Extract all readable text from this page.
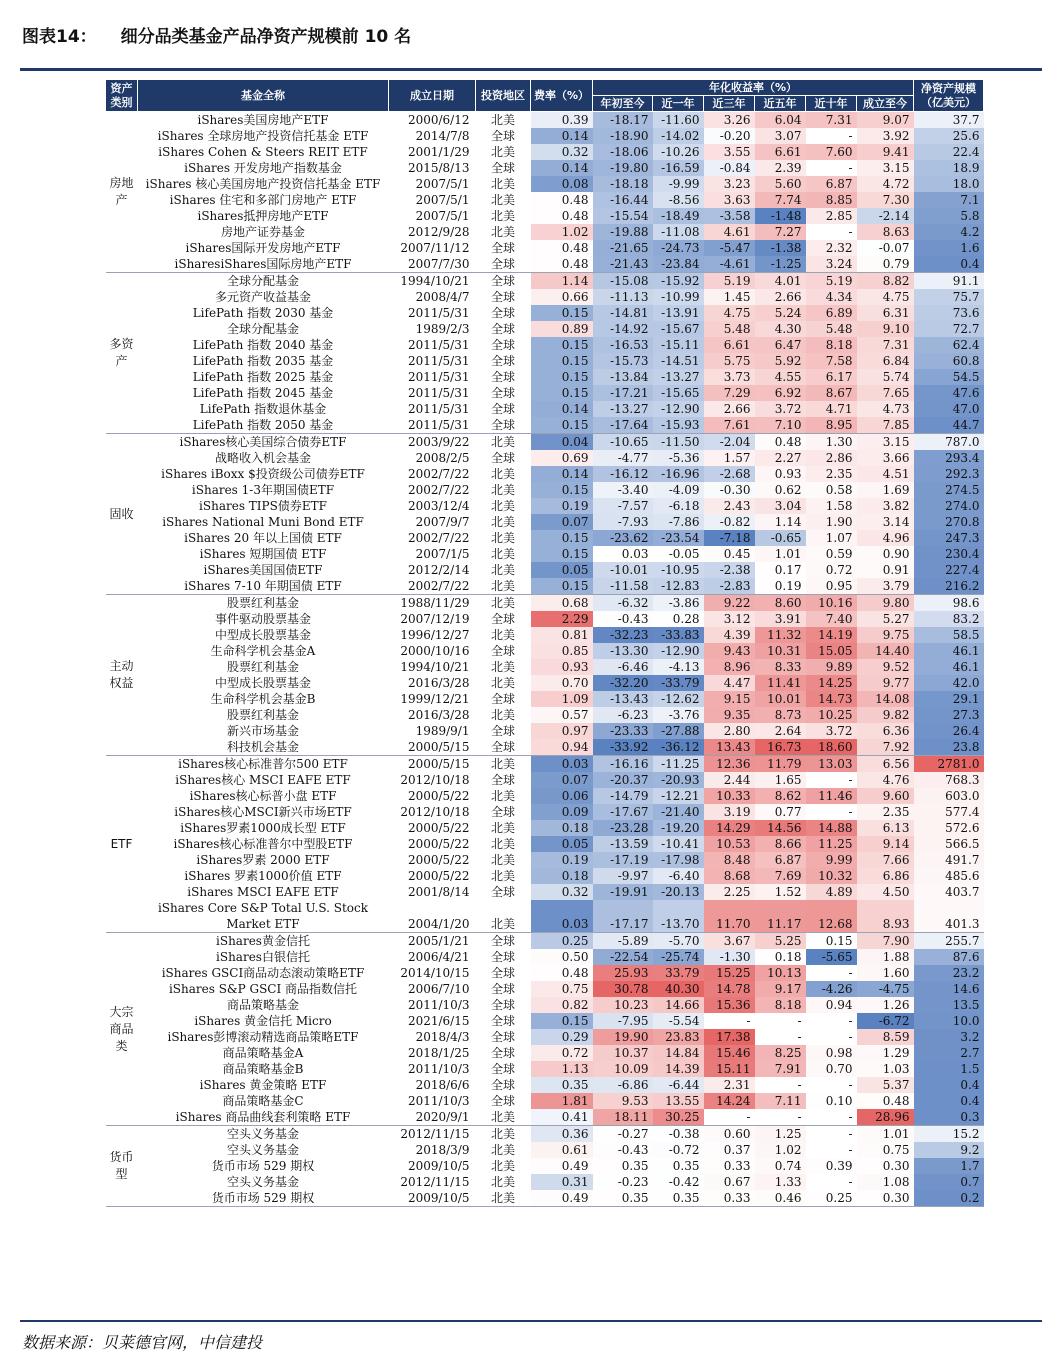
图表14： 细分品类基金产品净资产规模前 10 名
资产类别	基金全称	成立日期	投资地区	费率（%）	年化收益率（%）						净资产规模（亿美元）
					年初至今	近一年	近三年	近五年	近十年	成立至今	
房地产	iShares美国房地产ETF	2000/6/12	北美	0.39	-18.17	-11.60	3.26	6.04	7.31	9.07	37.7
	iShares 全球房地产投资信托基金 ETF	2014/7/8	全球	0.14	-18.90	-14.02	-0.20	3.07	-	3.92	25.6
	iShares Cohen & Steers REIT ETF	2001/1/29	北美	0.32	-18.06	-10.26	3.55	6.61	7.60	9.41	22.4
	iShares 开发房地产指数基金	2015/8/13	全球	0.14	-19.80	-16.59	-0.84	2.39	-	3.15	18.9
	iShares 核心美国房地产投资信托基金 ETF	2007/5/1	北美	0.08	-18.18	-9.99	3.23	5.60	6.87	4.72	18.0
	iShares 住宅和多部门房地产 ETF	2007/5/1	北美	0.48	-16.44	-8.56	3.63	7.74	8.85	7.30	7.1
	iShares抵押房地产ETF	2007/5/1	北美	0.48	-15.54	-18.49	-3.58	-1.48	2.85	-2.14	5.8
	房地产证券基金	2012/9/28	北美	1.02	-19.88	-11.08	4.61	7.27	-	8.63	4.2
	iShares国际开发房地产ETF	2007/11/12	全球	0.48	-21.65	-24.73	-5.47	-1.38	2.32	-0.07	1.6
	iSharesiShares国际房地产ETF	2007/7/30	全球	0.48	-21.43	-23.84	-4.61	-1.25	3.24	0.79	0.4
多资产	全球分配基金	1994/10/21	全球	1.14	-15.08	-15.92	5.19	4.01	5.19	8.82	91.1
	多元资产收益基金	2008/4/7	全球	0.66	-11.13	-10.99	1.45	2.66	4.34	4.75	75.7
	LifePath 指数 2030 基金	2011/5/31	全球	0.15	-14.81	-13.91	4.75	5.24	6.89	6.31	73.6
	全球分配基金	1989/2/3	全球	0.89	-14.92	-15.67	5.48	4.30	5.48	9.10	72.7
	LifePath 指数 2040 基金	2011/5/31	全球	0.15	-16.53	-15.11	6.61	6.47	8.18	7.31	62.4
	LifePath 指数 2035 基金	2011/5/31	全球	0.15	-15.73	-14.51	5.75	5.92	7.58	6.84	60.8
	LifePath 指数 2025 基金	2011/5/31	全球	0.15	-13.84	-13.27	3.73	4.55	6.17	5.74	54.5
	LifePath 指数 2045 基金	2011/5/31	全球	0.15	-17.21	-15.65	7.29	6.92	8.67	7.65	47.6
	LifePath 指数退休基金	2011/5/31	全球	0.14	-13.27	-12.90	2.66	3.72	4.71	4.73	47.0
	LifePath 指数 2050 基金	2011/5/31	全球	0.15	-17.64	-15.93	7.61	7.10	8.95	7.85	44.7
固收	iShares核心美国综合债券ETF	2003/9/22	北美	0.04	-10.65	-11.50	-2.04	0.48	1.30	3.15	787.0
	战略收入机会基金	2008/2/5	全球	0.69	-4.77	-5.36	1.57	2.27	2.86	3.66	293.4
	iShares iBoxx $投资级公司债券ETF	2002/7/22	北美	0.14	-16.12	-16.96	-2.68	0.93	2.35	4.51	292.3
	iShares 1-3年期国债ETF	2002/7/22	北美	0.15	-3.40	-4.09	-0.30	0.62	0.58	1.69	274.5
	iShares TIPS债券ETF	2003/12/4	北美	0.19	-7.57	-6.18	2.43	3.04	1.58	3.82	274.0
	iShares National Muni Bond ETF	2007/9/7	北美	0.07	-7.93	-7.86	-0.82	1.14	1.90	3.14	270.8
	iShares 20 年以上国债 ETF	2002/7/22	北美	0.15	-23.62	-23.54	-7.18	-0.65	1.07	4.96	247.3
	iShares 短期国债 ETF	2007/1/5	北美	0.15	0.03	-0.05	0.45	1.01	0.59	0.90	230.4
	iShares美国国债ETF	2012/2/14	北美	0.05	-10.01	-10.95	-2.38	0.17	0.72	0.91	227.4
	iShares 7-10 年期国债 ETF	2002/7/22	北美	0.15	-11.58	-12.83	-2.83	0.19	0.95	3.79	216.2
主动权益	股票红利基金	1988/11/29	北美	0.68	-6.32	-3.86	9.22	8.60	10.16	9.80	98.6
	事件驱动股票基金	2007/12/19	全球	2.29	-0.43	0.28	3.12	3.91	7.40	5.27	83.2
	中型成长股票基金	1996/12/27	北美	0.81	-32.23	-33.83	4.39	11.32	14.19	9.75	58.5
	生命科学机会基金A	2000/10/16	全球	0.85	-13.30	-12.90	9.43	10.31	15.05	14.40	46.1
	股票红利基金	1994/10/21	北美	0.93	-6.46	-4.13	8.96	8.33	9.89	9.52	46.1
	中型成长股票基金	2016/3/28	北美	0.70	-32.20	-33.79	4.47	11.41	14.25	9.77	42.0
	生命科学机会基金B	1999/12/21	全球	1.09	-13.43	-12.62	9.15	10.01	14.73	14.08	29.1
	股票红利基金	2016/3/28	北美	0.57	-6.23	-3.76	9.35	8.73	10.25	9.82	27.3
	新兴市场基金	1989/9/1	全球	0.97	-23.33	-27.88	2.80	2.64	3.72	6.36	26.4
	科技机会基金	2000/5/15	全球	0.94	-33.92	-36.12	13.43	16.73	18.60	7.92	23.8
ETF	iShares核心标准普尔500 ETF	2000/5/15	北美	0.03	-16.16	-11.25	12.36	11.79	13.03	6.56	2781.0
	iShares核心 MSCI EAFE ETF	2012/10/18	全球	0.07	-20.37	-20.93	2.44	1.65	-	4.76	768.3
	iShares核心标普小盘 ETF	2000/5/22	北美	0.06	-14.79	-12.21	10.33	8.62	11.46	9.60	603.0
	iShares核心MSCI新兴市场ETF	2012/10/18	全球	0.09	-17.67	-21.40	3.19	0.77	-	2.35	577.4
	iShares罗素1000成长型 ETF	2000/5/22	北美	0.18	-23.28	-19.20	14.29	14.56	14.88	6.13	572.6
	iShares核心标准普尔中型股ETF	2000/5/22	北美	0.05	-13.59	-10.41	10.53	8.66	11.25	9.14	566.5
	iShares罗素 2000 ETF	2000/5/22	北美	0.19	-17.19	-17.98	8.48	6.87	9.99	7.66	491.7
	iShares 罗素1000价值 ETF	2000/5/22	北美	0.18	-9.97	-6.40	8.68	7.69	10.32	6.86	485.6
	iShares MSCI EAFE ETF	2001/8/14	全球	0.32	-19.91	-20.13	2.25	1.52	4.89	4.50	403.7
	iShares Core S&P Total U.S. Stock Market ETF	2004/1/20	北美	0.03	-17.17	-13.70	11.70	11.17	12.68	8.93	401.3
大宗商品类	iShares黄金信托	2005/1/21	全球	0.25	-5.89	-5.70	3.67	5.25	0.15	7.90	255.7
	iShares白银信托	2006/4/21	全球	0.50	-22.54	-25.74	-1.30	0.18	-5.65	1.88	87.6
	iShares GSCI商品动态滚动策略ETF	2014/10/15	全球	0.48	25.93	33.79	15.25	10.13	-	1.60	23.2
	iShares S&P GSCI 商品指数信托	2006/7/10	全球	0.75	30.78	40.30	14.78	9.17	-4.26	-4.75	14.6
	商品策略基金	2011/10/3	全球	0.82	10.23	14.66	15.36	8.18	0.94	1.26	13.5
	iShares 黄金信托 Micro	2021/6/15	全球	0.15	-7.95	-5.54	-	-	-	-6.72	10.0
	iShares彭博滚动精选商品策略ETF	2018/4/3	全球	0.29	19.90	23.83	17.38	-	-	8.59	3.2
	商品策略基金A	2018/1/25	全球	0.72	10.37	14.84	15.46	8.25	0.98	1.29	2.7
	商品策略基金B	2011/10/3	全球	1.13	10.09	14.39	15.11	7.91	0.70	1.03	1.5
	iShares 黄金策略 ETF	2018/6/6	全球	0.35	-6.86	-6.44	2.31	-	-	5.37	0.4
	商品策略基金C	2011/10/3	全球	1.81	9.53	13.55	14.24	7.11	0.10	0.48	0.4
	iShares 商品曲线套利策略 ETF	2020/9/1	北美	0.41	18.11	30.25	-	-	-	28.96	0.3
货币型	空头义务基金	2012/11/15	北美	0.36	-0.27	-0.38	0.60	1.25	-	1.01	15.2
	空头义务基金	2018/3/9	北美	0.61	-0.43	-0.72	0.37	1.02	-	0.75	9.2
	货币市场 529 期权	2009/10/5	北美	0.49	0.35	0.35	0.33	0.74	0.39	0.30	1.7
	空头义务基金	2012/11/15	北美	0.31	-0.23	-0.42	0.67	1.33	-	1.08	0.7
	货币市场 529 期权	2009/10/5	北美	0.49	0.35	0.35	0.33	0.46	0.25	0.30	0.2
数据来源：贝莱德官网，中信建投
